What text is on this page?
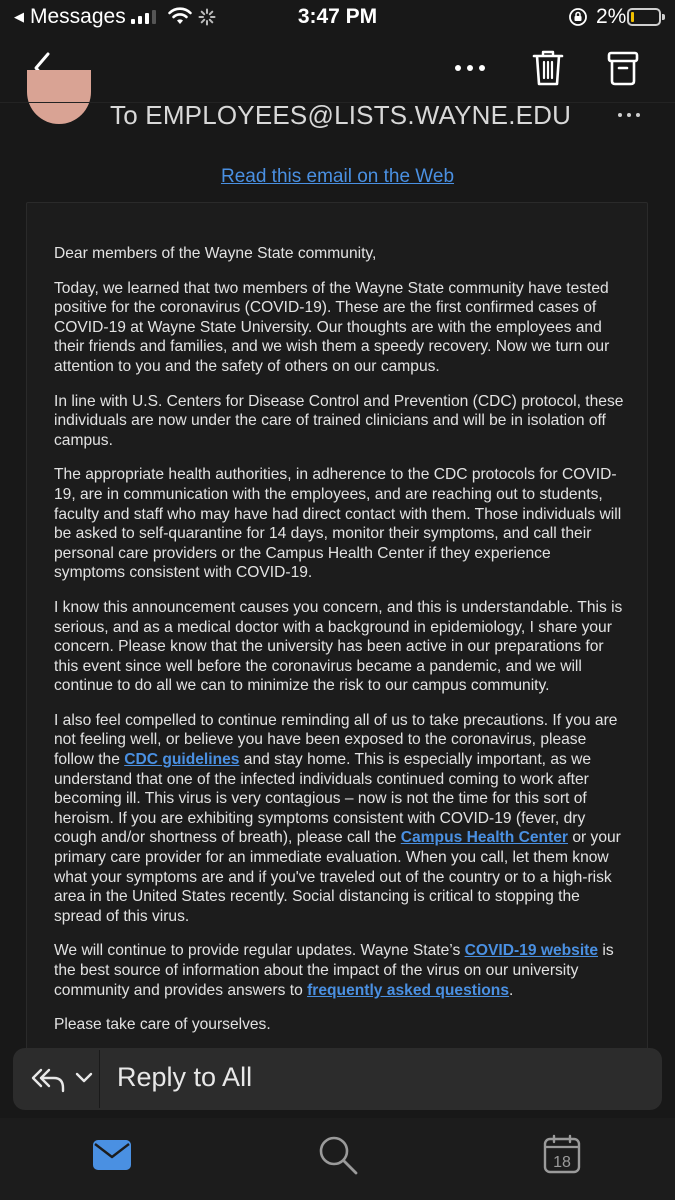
◀ Messages	3:47 PM	2%
To EMPLOYEES@LISTS.WAYNE.EDU
Read this email on the Web

Dear members of the Wayne State community,

Today, we learned that two members of the Wayne State community have tested positive for the coronavirus (COVID-19). These are the first confirmed cases of COVID-19 at Wayne State University. Our thoughts are with the employees and their friends and families, and we wish them a speedy recovery. Now we turn our attention to you and the safety of others on our campus.

In line with U.S. Centers for Disease Control and Prevention (CDC) protocol, these individuals are now under the care of trained clinicians and will be in isolation off campus.

The appropriate health authorities, in adherence to the CDC protocols for COVID-19, are in communication with the employees, and are reaching out to students, faculty and staff who may have had direct contact with them. Those individuals will be asked to self-quarantine for 14 days, monitor their symptoms, and call their personal care providers or the Campus Health Center if they experience symptoms consistent with COVID-19.

I know this announcement causes you concern, and this is understandable. This is serious, and as a medical doctor with a background in epidemiology, I share your concern. Please know that the university has been active in our preparations for this event since well before the coronavirus became a pandemic, and we will continue to do all we can to minimize the risk to our campus community.

I also feel compelled to continue reminding all of us to take precautions. If you are not feeling well, or believe you have been exposed to the coronavirus, please follow the CDC guidelines and stay home. This is especially important, as we understand that one of the infected individuals continued coming to work after becoming ill. This virus is very contagious – now is not the time for this sort of heroism. If you are exhibiting symptoms consistent with COVID-19 (fever, dry cough and/or shortness of breath), please call the Campus Health Center or your primary care provider for an immediate evaluation. When you call, let them know what your symptoms are and if you've traveled out of the country or to a high-risk area in the United States recently. Social distancing is critical to stopping the spread of this virus.

We will continue to provide regular updates. Wayne State’s COVID-19 website is the best source of information about the impact of the virus on our university community and provides answers to frequently asked questions.

Please take care of yourselves.

Reply to All
18
